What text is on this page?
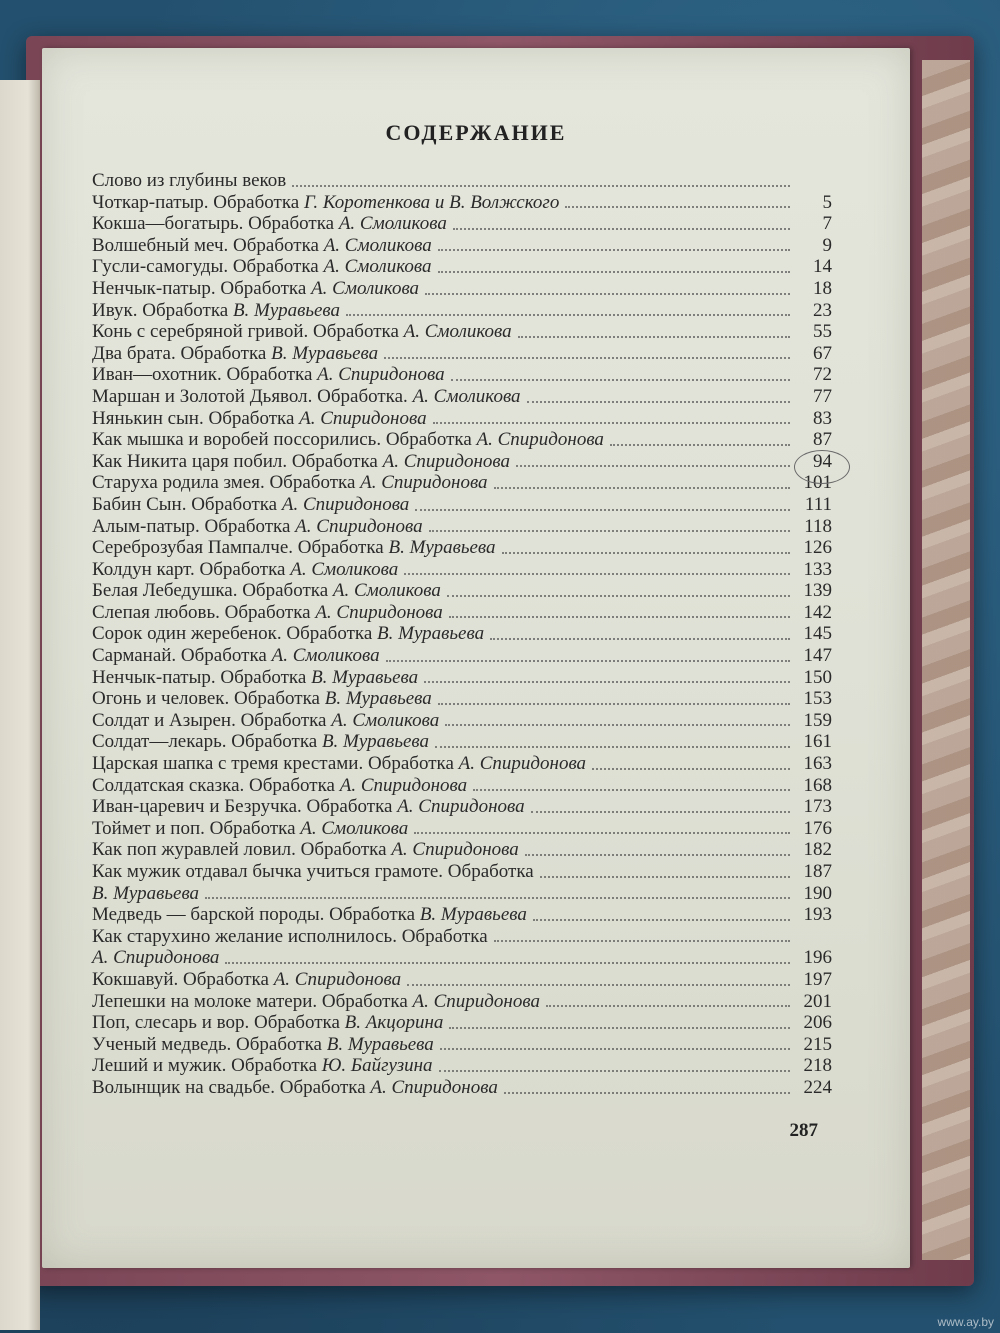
СОДЕРЖАНИЕ
Слово из глубины веков
Чоткар-патыр. Обработка Г. Коротенкова и В. Волжского	5
Кокша—богатырь. Обработка А. Смоликова	7
Волшебный меч. Обработка А. Смоликова	9
Гусли-самогуды. Обработка А. Смоликова	14
Ненчык-патыр. Обработка А. Смоликова	18
Ивук. Обработка В. Муравьева	23
Конь с серебряной гривой. Обработка А. Смоликова	55
Два брата. Обработка В. Муравьева	67
Иван—охотник. Обработка А. Спиридонова	72
Маршан и Золотой Дьявол. Обработка. А. Смоликова	77
Нянькин сын. Обработка А. Спиридонова	83
Как мышка и воробей поссорились. Обработка А. Спиридонова	87
Как Никита царя побил. Обработка А. Спиридонова	94
Старуха родила змея. Обработка А. Спиридонова	101
Бабин Сын. Обработка А. Спиридонова	111
Алым-патыр. Обработка А. Спиридонова	118
Сереброзубая Пампалче. Обработка В. Муравьева	126
Колдун карт. Обработка А. Смоликова	133
Белая Лебедушка. Обработка А. Смоликова	139
Слепая любовь. Обработка А. Спиридонова	142
Сорок один жеребенок. Обработка В. Муравьева	145
Сарманай. Обработка А. Смоликова	147
Ненчык-патыр. Обработка В. Муравьева	150
Огонь и человек. Обработка В. Муравьева	153
Солдат и Азырен. Обработка А. Смоликова	159
Солдат—лекарь. Обработка В. Муравьева	161
Царская шапка с тремя крестами. Обработка А. Спиридонова	163
Солдатская сказка. Обработка А. Спиридонова	168
Иван-царевич и Безручка. Обработка А. Спиридонова	173
Тоймет и поп. Обработка А. Смоликова	176
Как поп журавлей ловил. Обработка А. Спиридонова	182
Как мужик отдавал бычка учиться грамоте. Обработка	187
В. Муравьева	190
Медведь — барской породы. Обработка В. Муравьева	193
Как старухино желание исполнилось. Обработка
А. Спиридонова	196
Кокшавуй. Обработка А. Спиридонова	197
Лепешки на молоке матери. Обработка А. Спиридонова	201
Поп, слесарь и вор. Обработка В. Акцорина	206
Ученый медведь. Обработка В. Муравьева	215
Леший и мужик. Обработка Ю. Байгузина	218
Волынщик на свадьбе. Обработка А. Спиридонова	224
287
www.ay.by
